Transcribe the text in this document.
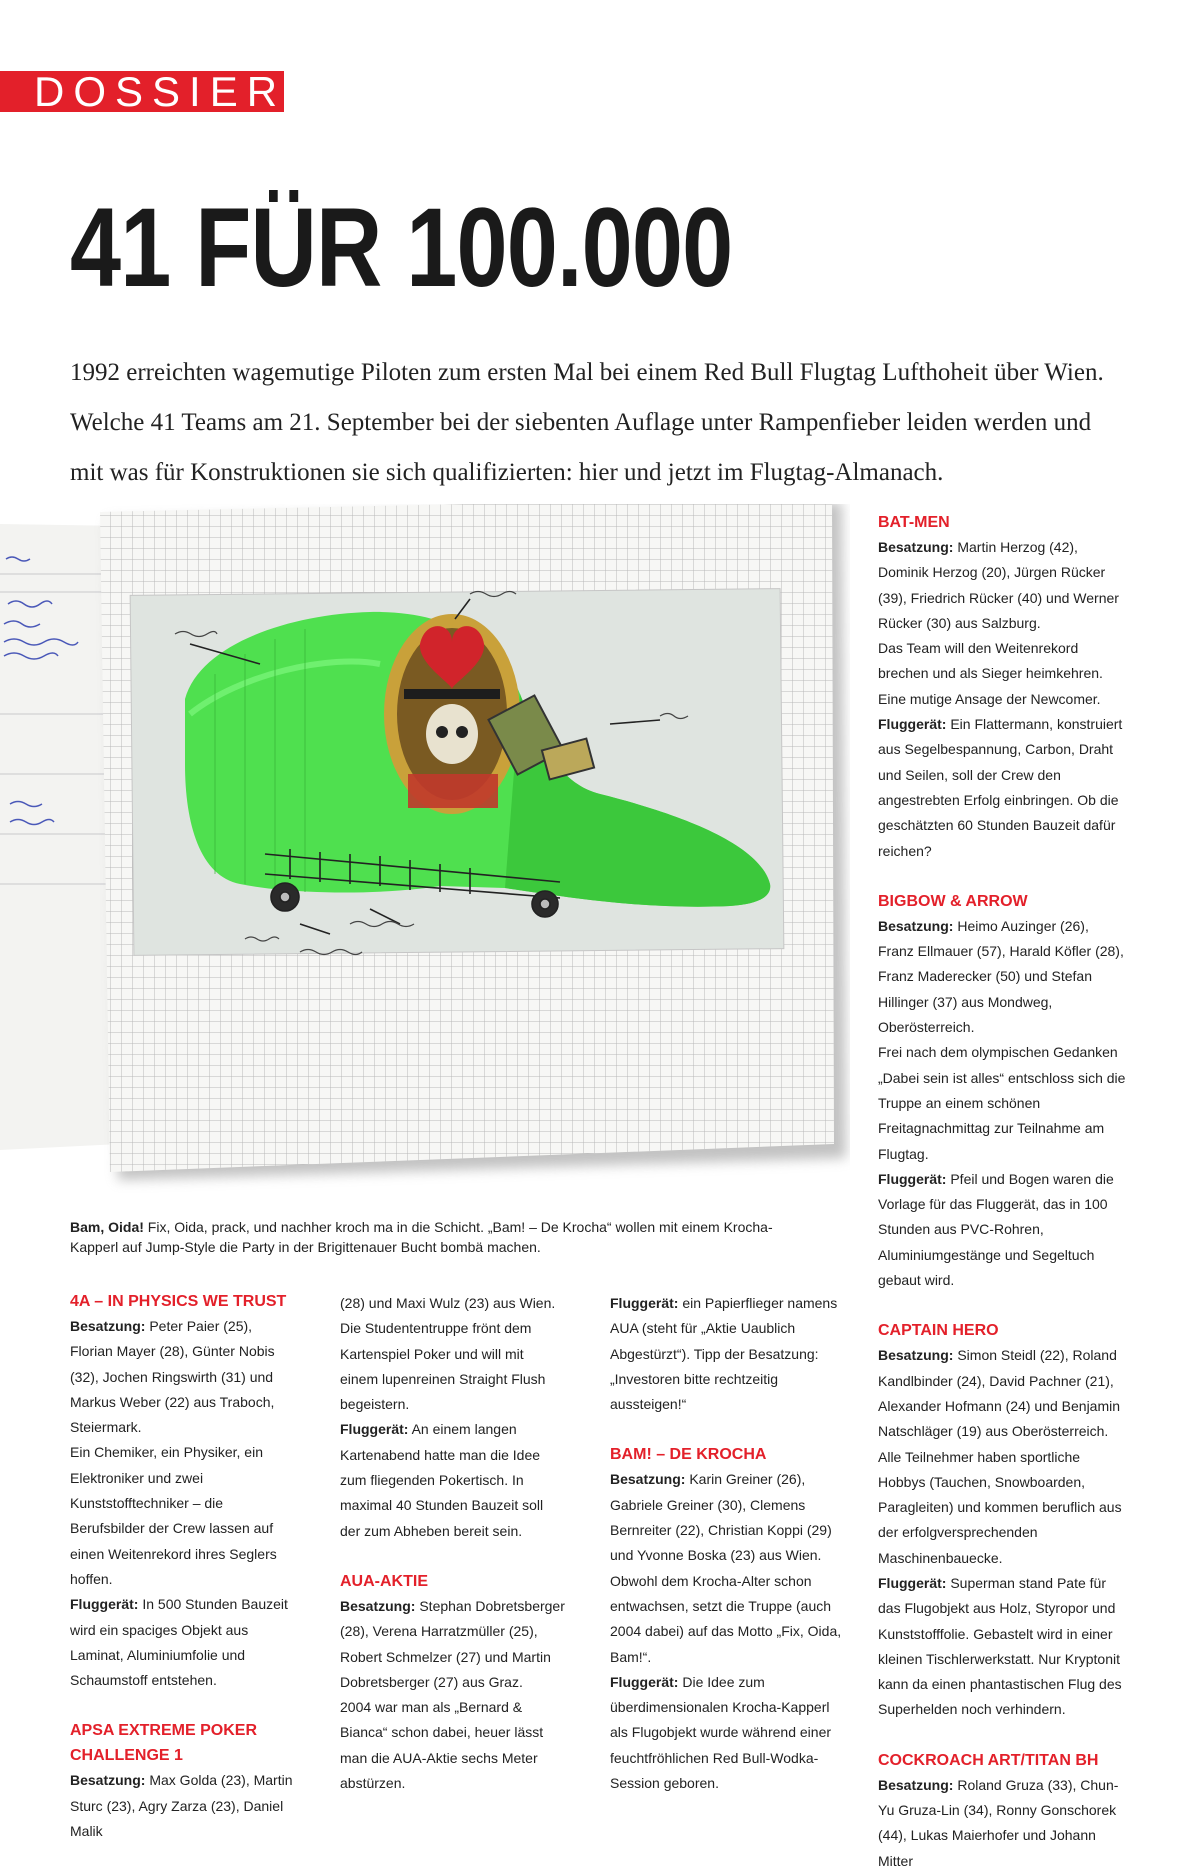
DOSSIER
41 FÜR 100.000
1992 erreichten wagemutige Piloten zum ersten Mal bei einem Red Bull Flugtag Lufthoheit über Wien. Welche 41 Teams am 21. September bei der siebenten Auflage unter Rampenfieber leiden werden und mit was für Konstruktionen sie sich qualifizierten: hier und jetzt im Flugtag-Almanach.
Bam, Oida! Fix, Oida, prack, und nachher kroch ma in die Schicht. „Bam! – De Krocha“ wollen mit einem Krocha-Kapperl auf Jump-Style die Party in der Brigittenauer Bucht bombä machen.
4A – IN PHYSICS WE TRUST

Besatzung: Peter Paier (25), Florian Mayer (28), Günter Nobis (32), Jochen Ringswirth (31) und Markus Weber (22) aus Traboch, Steiermark.

Ein Chemiker, ein Physiker, ein Elektroniker und zwei Kunststofftechniker – die Berufsbilder der Crew lassen auf einen Weitenrekord ihres Seglers hoffen.

Fluggerät: In 500 Stunden Bauzeit wird ein spaciges Objekt aus Laminat, Aluminiumfolie und Schaumstoff entstehen.

APSA EXTREME POKER CHALLENGE 1

Besatzung: Max Golda (23), Martin Sturc (23), Agry Zarza (23), Daniel Malik

(28) und Maxi Wulz (23) aus Wien.

Die Studententruppe frönt dem Kartenspiel Poker und will mit einem lupenreinen Straight Flush begeistern.

Fluggerät: An einem langen Kartenabend hatte man die Idee zum fliegenden Pokertisch. In maximal 40 Stunden Bauzeit soll der zum Abheben bereit sein.

AUA-AKTIE

Besatzung: Stephan Dobretsberger (28), Verena Harratzmüller (25), Robert Schmelzer (27) und Martin Dobretsberger (27) aus Graz.

2004 war man als „Bernard & Bianca“ schon dabei, heuer lässt man die AUA-Aktie sechs Meter abstürzen.

Fluggerät: ein Papierflieger namens AUA (steht für „Aktie Uaublich Abgestürzt“). Tipp der Besatzung: „Investoren bitte rechtzeitig aussteigen!“

BAM! – DE KROCHA

Besatzung: Karin Greiner (26), Gabriele Greiner (30), Clemens Bernreiter (22), Christian Koppi (29) und Yvonne Boska (23) aus Wien.

Obwohl dem Krocha-Alter schon entwachsen, setzt die Truppe (auch 2004 dabei) auf das Motto „Fix, Oida, Bam!“.

Fluggerät: Die Idee zum überdimensionalen Krocha-Kapperl als Flugobjekt wurde während einer feuchtfröhlichen Red Bull-Wodka-Session geboren.

BAT-MEN

Besatzung: Martin Herzog (42), Dominik Herzog (20), Jürgen Rücker (39), Friedrich Rücker (40) und Werner Rücker (30) aus Salzburg.

Das Team will den Weitenrekord brechen und als Sieger heimkehren. Eine mutige Ansage der Newcomer.

Fluggerät: Ein Flattermann, konstruiert aus Segelbespannung, Carbon, Draht und Seilen, soll der Crew den angestrebten Erfolg einbringen. Ob die geschätzten 60 Stunden Bauzeit dafür reichen?

BIGBOW & ARROW

Besatzung: Heimo Auzinger (26), Franz Ellmauer (57), Harald Köfler (28), Franz Maderecker (50) und Stefan Hillinger (37) aus Mondweg, Oberösterreich.

Frei nach dem olympischen Gedanken „Dabei sein ist alles“ entschloss sich die Truppe an einem schönen Freitagnachmittag zur Teilnahme am Flugtag.

Fluggerät: Pfeil und Bogen waren die Vorlage für das Fluggerät, das in 100 Stunden aus PVC-Rohren, Aluminiumgestänge und Segeltuch gebaut wird.

CAPTAIN HERO

Besatzung: Simon Steidl (22), Roland Kandlbinder (24), David Pachner (21), Alexander Hofmann (24) und Benjamin Natschläger (19) aus Oberösterreich.

Alle Teilnehmer haben sportliche Hobbys (Tauchen, Snowboarden, Paragleiten) und kommen beruflich aus der erfolgversprechenden Maschinenbauecke.

Fluggerät: Superman stand Pate für das Flugobjekt aus Holz, Styropor und Kunststofffolie. Gebastelt wird in einer kleinen Tischlerwerkstatt. Nur Kryptonit kann da einen phantastischen Flug des Superhelden noch verhindern.

COCKROACH ART/TITAN BH

Besatzung: Roland Gruza (33), Chun-Yu Gruza-Lin (34), Ronny Gonschorek (44), Lukas Maierhofer und Johann Mitter
